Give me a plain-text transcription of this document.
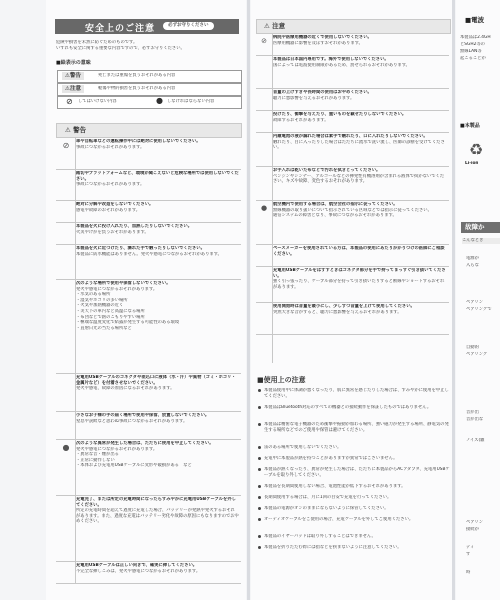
安全上のご注意	必ずお守りください
危険や損害を未然に防ぐためのものです。
いずれも安全に関する重要な内容ですので、必ずお守りください。
■絵表示の意味
⚠警告	死亡または重傷を負うおそれがある内容
⚠注意	軽傷や物的損害を負うおそれがある内容
⊘ してはいけない内容	● しなければならない内容
⚠ 警告
⊘	車や自転車などの運転操作中には絶対に使用しないでください。
事故につながるおそれがあります。
踏切やプラットフォームなど、環境が聞こえないと危険な場所では使用しないでください。
事故につながるおそれがあります。
絶対に分解や改造をしないでください。
感電や故障のおそれがあります。
本製品を火に投げ入れたり、加熱したりしないでください。
火災やけがを負うおそれがあります。
本製品を火に近づけたり、濡れた手で触ったりしないでください。
本製品に防水機能はありません。発火や感電につながるおそれがあります。
次のような場所で使用や保管しないでください。
発火や感電につながるおそれがあります。
・水気のある場所
・湿気やホコリの多い場所
・火気や加熱機器の近く
・炎天下の車内など高温になる場所
・布団などで熱のこもりやすい場所
・極端な温度変化で結露が発生する可能性のある環境
・直射日光の当たる場所など
充電用USBケーブルのコネクタや差込口に液体（水・汗）や異物（ゴミ・ホコリ・金属片など）を付着させないでください。
発火や感電、故障の原因になるおそれがあります。
小さなお子様の手の届く場所で使用や保管、放置しないでください。
窒息や誤飲など思わぬ事故につながるおそれがあります。
●	次のような異常が発生した場合は、ただちに使用を中止してください。
発火や感電につながるおそれがあります。
・異常な音・煙が出る
・正常に動作しない
・本体および充電用USBケーブルに変形や破損がある　など
充電完了、または所定の充電時間になったらすみやかに充電用USBケーブルを外してください。
所定の充電時間を超えて過度に充電した場合、バッテリーが発熱や発火するおそれがあります。また、過度な充電はバッテリー劣化や故障の原因にもなりますのでおやめください。
充電用USBケーブルは正しい向きで、確実に挿してください。
不完全な挿しこみは、発火や感電につながるおそれがあります。
⚠ 注意
⊘	病院や医療用機器の近くで使用しないでください。
医療用機器に影響を及ぼすおそれがあります。
本製品は日本国内専用です。海外で使用しないでください。
国によっては電波使用制限があるため、罰せられるおそれがあります。
音量の上げすぎや長時間の使用はおやめください。
聴力に悪影響を与えるおそれがあります。
投げたり、衝撃を与えたり、重いものを載せたりしないでください。
故障するおそれがあります。
内蔵電池の液が漏れた場合は素手で触れたり、口に入れたりしないでください。
触れたり、目に入ったりした場合はただちに流水で洗い流し、医師の診断を受けてください。
お手入れは乾いた布などで汚れを拭きとってください。
ベンジンやシンナー、アルコールなどの揮発性有機溶剤が含まれる液体で拭かないでください。キズや故障、変色するおそれがあります。
●	航空機内で使用する場合は、航空会社の指示に従ってください。
無線機器の取り扱いについて指示されている区域などでは指示に従ってください。
通信システムの障害となり、事故につながるおそれがあります。
ペースメーカーを使用されている方は、本製品の使用にあたりかかりつけの医師にご相談ください。
充電用USBケーブルをはずすときはコネクタ部分を手で持ってまっすぐ引き抜いてください。
強く引っ張ったり、ケーブル部分を持って引き抜いたりすると断線やショートするおそれがあります。
使用開始時は音量を最小にし、少しずつ音量を上げて使用してください。
突然大きな音がすると、聴力に悪影響を与えるおそれがあります。
■使用上の注意
本製品使用中に体調が悪くなったり、肌に異常を感じたりした場合は、すみやかに使用を中止してください。
本製品はBluetooth対応のすべての機器との接続動作を保証したものではありません。
本製品は精密な電子機器のため衝撃や振動が加わる場所、強い磁力が発生する場所、静電気の発生する場所などでのご使用や保管は避けてください。
雷のある場所で使用しないでください。
充電中に本製品が熱を持つことがありますが異常ではございません。
本製品が熱くなったり、異常が発生した場合は、ただちに本製品からACアダプタ、充電用USBケーブルを取り外してください。
本製品を長期間使用しない場合、電池性能が低下するおそれがあります。
長期間使用する場合は、月に1回の目安で充電を行ってください。
本製品の電源がオンのままにならないように保管してください。
オーディオケーブルをご使用の場合、充電ケーブルを外してご使用ください。
本製品のイヤーパッドは取り外しすることはできません。
本製品を折りたたむ際には指などを挟まないように注意してください。
■電波
■本製品
♻
Li-ion
故障か
こんなとき
本製品は2.4GH
とSGH2等の
無線LAN等
起こることが
電源が
入らな
ペアリン
ペアリングで
自動的
ペアリング
音が出
音が出な
ノイズ(雑
ペアリン
接続が
ディ
ず
時
